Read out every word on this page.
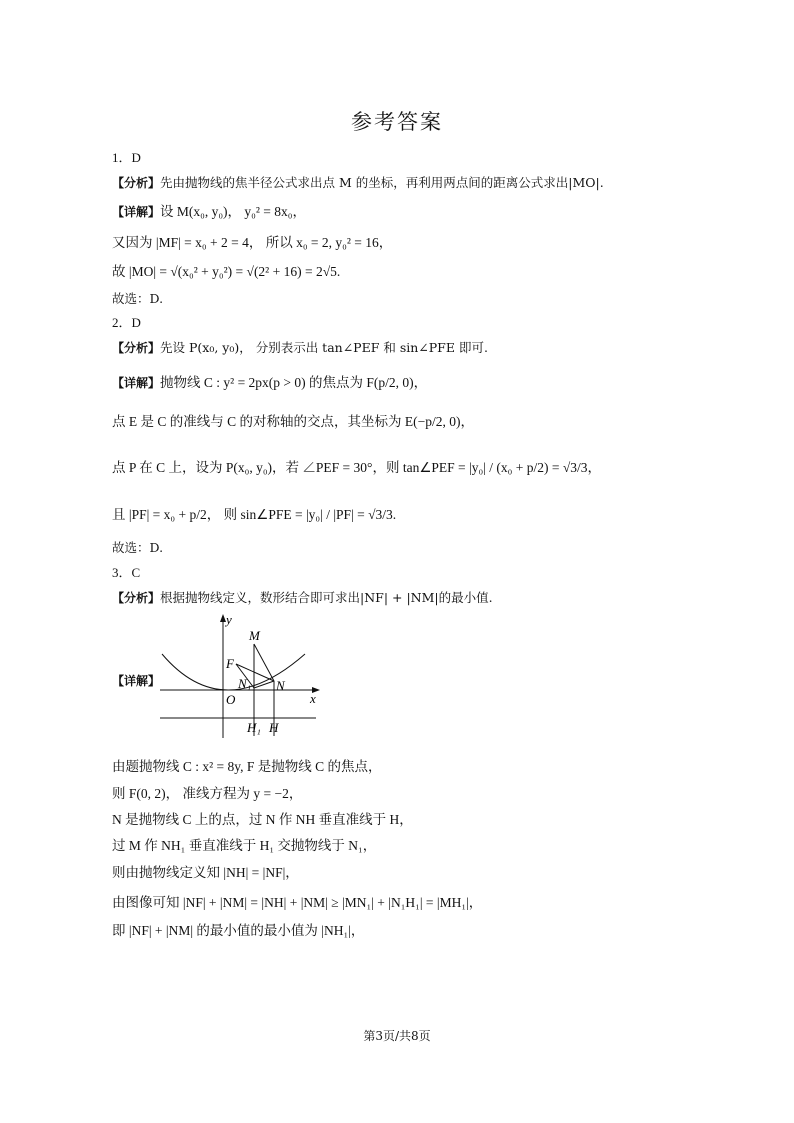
参考答案
1．D
【分析】先由抛物线的焦半径公式求出点 M 的坐标，再利用两点间的距离公式求出|MO|.
【详解】设 M(x₀, y₀)， y₀² = 8x₀，
又因为 |MF| = x₀ + 2 = 4， 所以 x₀ = 2, y₀² = 16，
故 |MO| = √(x₀² + y₀²) = √(2² + 16) = 2√5.
故选：D.
2．D
【分析】先设 P(x₀, y₀)， 分别表示出 tan∠PEF 和 sin∠PFE 即可.
【详解】抛物线 C : y² = 2px(p > 0) 的焦点为 F(p/2, 0)，
点 E 是 C 的准线与 C 的对称轴的交点，其坐标为 E(−p/2, 0)，
点 P 在 C 上，设为 P(x₀, y₀)，若 ∠PEF = 30°，则 tan∠PEF = |y₀| / (x₀ + p/2) = √3/3，
且 |PF| = x₀ + p/2， 则 sin∠PFE = |y₀| / |PF| = √3/3.
故选：D.
3．C
【分析】根据抛物线定义，数形结合即可求出|NF| + |NM|的最小值.
【详解】
y
x
O
F
M
N₁ N
H₁ H
由题抛物线 C : x² = 8y, F 是抛物线 C 的焦点，
则 F(0, 2)， 准线方程为 y = −2，
N 是抛物线 C 上的点，过 N 作 NH 垂直准线于 H，
过 M 作 NH₁ 垂直准线于 H₁ 交抛物线于 N₁，
则由抛物线定义知 |NH| = |NF|，
由图像可知 |NF| + |NM| = |NH| + |NM| ≥ |MN₁| + |N₁H₁| = |MH₁|，
即 |NF| + |NM| 的最小值的最小值为 |NH₁|，
第3页/共8页
